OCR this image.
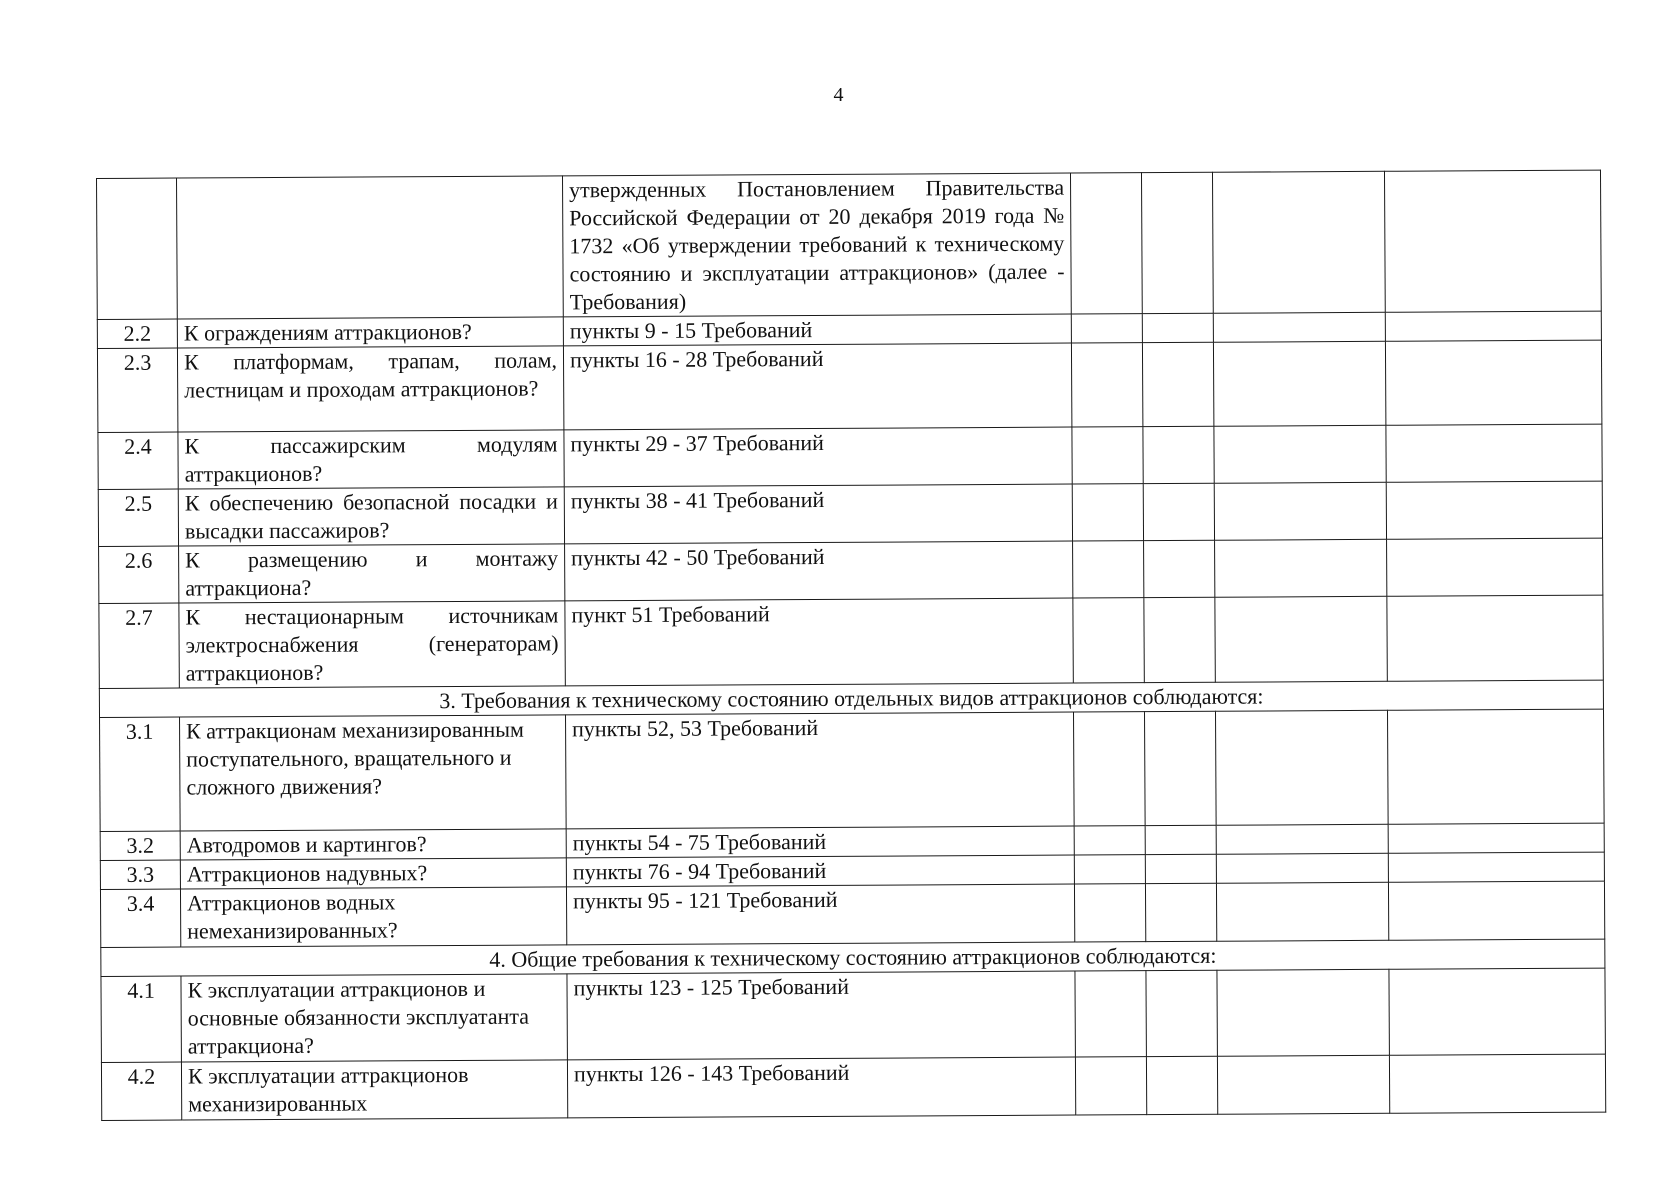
4
		утвержденных Постановлением Правительства Российской Федерации от 20 декабря 2019 года № 1732 «Об утверждении требований к техническому состоянию и эксплуатации аттракционов» (далее - Требования)				
2.2	К ограждениям аттракционов?	пункты 9 - 15 Требований				
2.3	К платформам, трапам, полам, лестницам и проходам аттракционов?	пункты 16 - 28 Требований				
2.4	К пассажирским модулям аттракционов?	пункты 29 - 37 Требований				
2.5	К обеспечению безопасной посадки и высадки пассажиров?	пункты 38 - 41 Требований				
2.6	К размещению и монтажу аттракциона?	пункты 42 - 50 Требований				
2.7	К нестационарным источникам электроснабжения (генераторам) аттракционов?	пункт 51 Требований				
3. Требования к техническому состоянию отдельных видов аттракционов соблюдаются:						
3.1	К аттракционам механизированным поступательного, вращательного и сложного движения?	пункты 52, 53 Требований				
3.2	Автодромов и картингов?	пункты 54 - 75 Требований				
3.3	Аттракционов надувных?	пункты 76 - 94 Требований				
3.4	Аттракционов водных немеханизированных?	пункты 95 - 121 Требований				
4. Общие требования к техническому состоянию аттракционов соблюдаются:						
4.1	К эксплуатации аттракционов и основные обязанности эксплуатанта аттракциона?	пункты 123 - 125 Требований				
4.2	К эксплуатации аттракционов механизированных	пункты 126 - 143 Требований				
